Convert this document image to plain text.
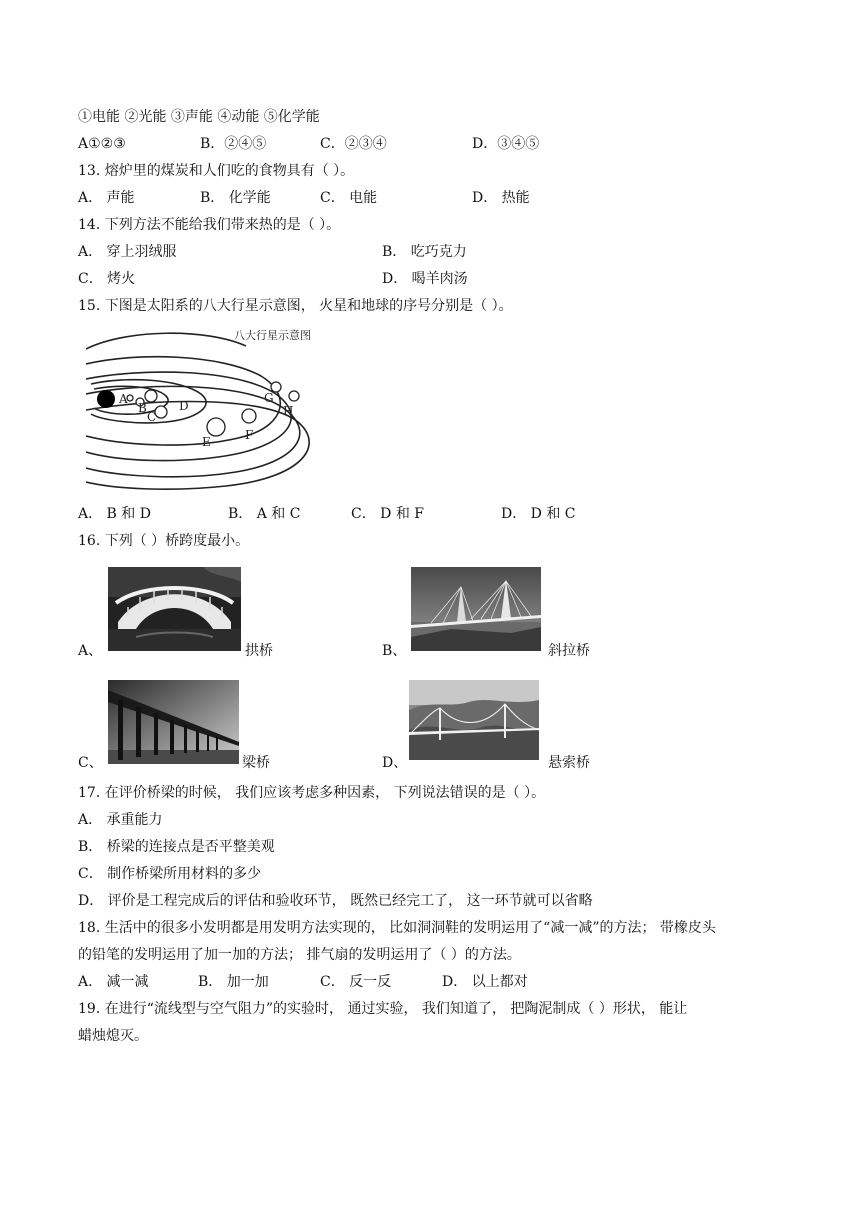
①电能 ②光能 ③声能 ④动能 ⑤化学能
A①②③	B．②④⑤	C．②③④	D．③④⑤
13. 熔炉里的煤炭和人们吃的食物具有（ ）。
A． 声能	B． 化学能	C． 电能	D． 热能
14. 下列方法不能给我们带来热的是（ ）。
A． 穿上羽绒服	B． 吃巧克力
C． 烤火	D． 喝羊肉汤
15. 下图是太阳系的八大行星示意图， 火星和地球的序号分别是（ ）。
八大行星示意图
A
B
C
D
E	F
G
H
A． B 和 D	B． A 和 C	C． D 和 F	D． D 和 C
16. 下列（ ）桥跨度最小。
A、	拱桥	B、	斜拉桥
C、	梁桥	D、	悬索桥
17. 在评价桥梁的时候， 我们应该考虑多种因素， 下列说法错误的是（ ）。
A． 承重能力
B． 桥梁的连接点是否平整美观
C． 制作桥梁所用材料的多少
D． 评价是工程完成后的评估和验收环节， 既然已经完工了， 这一环节就可以省略
18. 生活中的很多小发明都是用发明方法实现的， 比如洞洞鞋的发明运用了“减一减”的方法； 带橡皮头
的铅笔的发明运用了加一加的方法； 排气扇的发明运用了（ ）的方法。
A． 减一减	B． 加一加	C． 反一反	D． 以上都对
19. 在进行“流线型与空气阻力”的实验时， 通过实验， 我们知道了， 把陶泥制成（ ）形状， 能让
蜡烛熄灭。
